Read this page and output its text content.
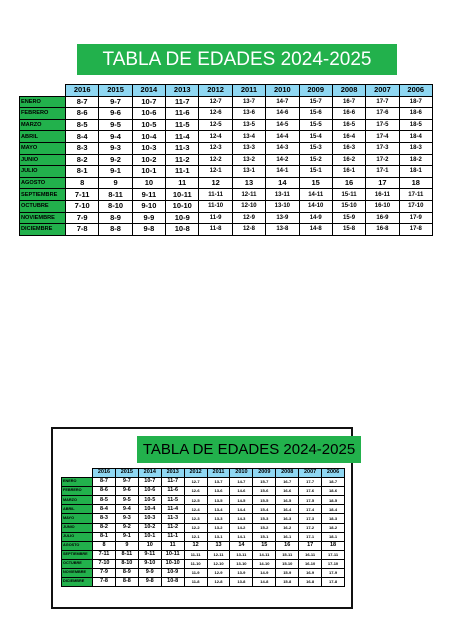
TABLA DE EDADES 2024-2025
	2016	2015	2014	2013	2012	2011	2010	2009	2008	2007	2006
ENERO	8-7	9-7	10-7	11-7	12-7	13-7	14-7	15-7	16-7	17-7	18-7
FEBRERO	8-6	9-6	10-6	11-6	12-6	13-6	14-6	15-6	16-6	17-6	18-6
MARZO	8-5	9-5	10-5	11-5	12-5	13-5	14-5	15-5	16-5	17-5	18-5
ABRIL	8-4	9-4	10-4	11-4	12-4	13-4	14-4	15-4	16-4	17-4	18-4
MAYO	8-3	9-3	10-3	11-3	12-3	13-3	14-3	15-3	16-3	17-3	18-3
JUNIO	8-2	9-2	10-2	11-2	12-2	13-2	14-2	15-2	16-2	17-2	18-2
JULIO	8-1	9-1	10-1	11-1	12-1	13-1	14-1	15-1	16-1	17-1	18-1
AGOSTO	8	9	10	11	12	13	14	15	16	17	18
SEPTIEMBRE	7-11	8-11	9-11	10-11	11-11	12-11	13-11	14-11	15-11	16-11	17-11
OCTUBRE	7-10	8-10	9-10	10-10	11-10	12-10	13-10	14-10	15-10	16-10	17-10
NOVIEMBRE	7-9	8-9	9-9	10-9	11-9	12-9	13-9	14-9	15-9	16-9	17-9
DICIEMBRE	7-8	8-8	9-8	10-8	11-8	12-8	13-8	14-8	15-8	16-8	17-8
TABLA DE EDADES 2024-2025
	2016	2015	2014	2013	2012	2011	2010	2009	2008	2007	2006
ENERO	8-7	9-7	10-7	11-7	12-7	13-7	14-7	15-7	16-7	17-7	18-7
FEBRERO	8-6	9-6	10-6	11-6	12-6	13-6	14-6	15-6	16-6	17-6	18-6
MARZO	8-5	9-5	10-5	11-5	12-5	13-5	14-5	15-5	16-5	17-5	18-5
ABRIL	8-4	9-4	10-4	11-4	12-4	13-4	14-4	15-4	16-4	17-4	18-4
MAYO	8-3	9-3	10-3	11-3	12-3	13-3	14-3	15-3	16-3	17-3	18-3
JUNIO	8-2	9-2	10-2	11-2	12-2	13-2	14-2	15-2	16-2	17-2	18-2
JULIO	8-1	9-1	10-1	11-1	12-1	13-1	14-1	15-1	16-1	17-1	18-1
AGOSTO	8	9	10	11	12	13	14	15	16	17	18
SEPTIEMBRE	7-11	8-11	9-11	10-11	11-11	12-11	13-11	14-11	15-11	16-11	17-11
OCTUBRE	7-10	8-10	9-10	10-10	11-10	12-10	13-10	14-10	15-10	16-10	17-10
NOVIEMBRE	7-9	8-9	9-9	10-9	11-9	12-9	13-9	14-9	15-9	16-9	17-9
DICIEMBRE	7-8	8-8	9-8	10-8	11-8	12-8	13-8	14-8	15-8	16-8	17-8
